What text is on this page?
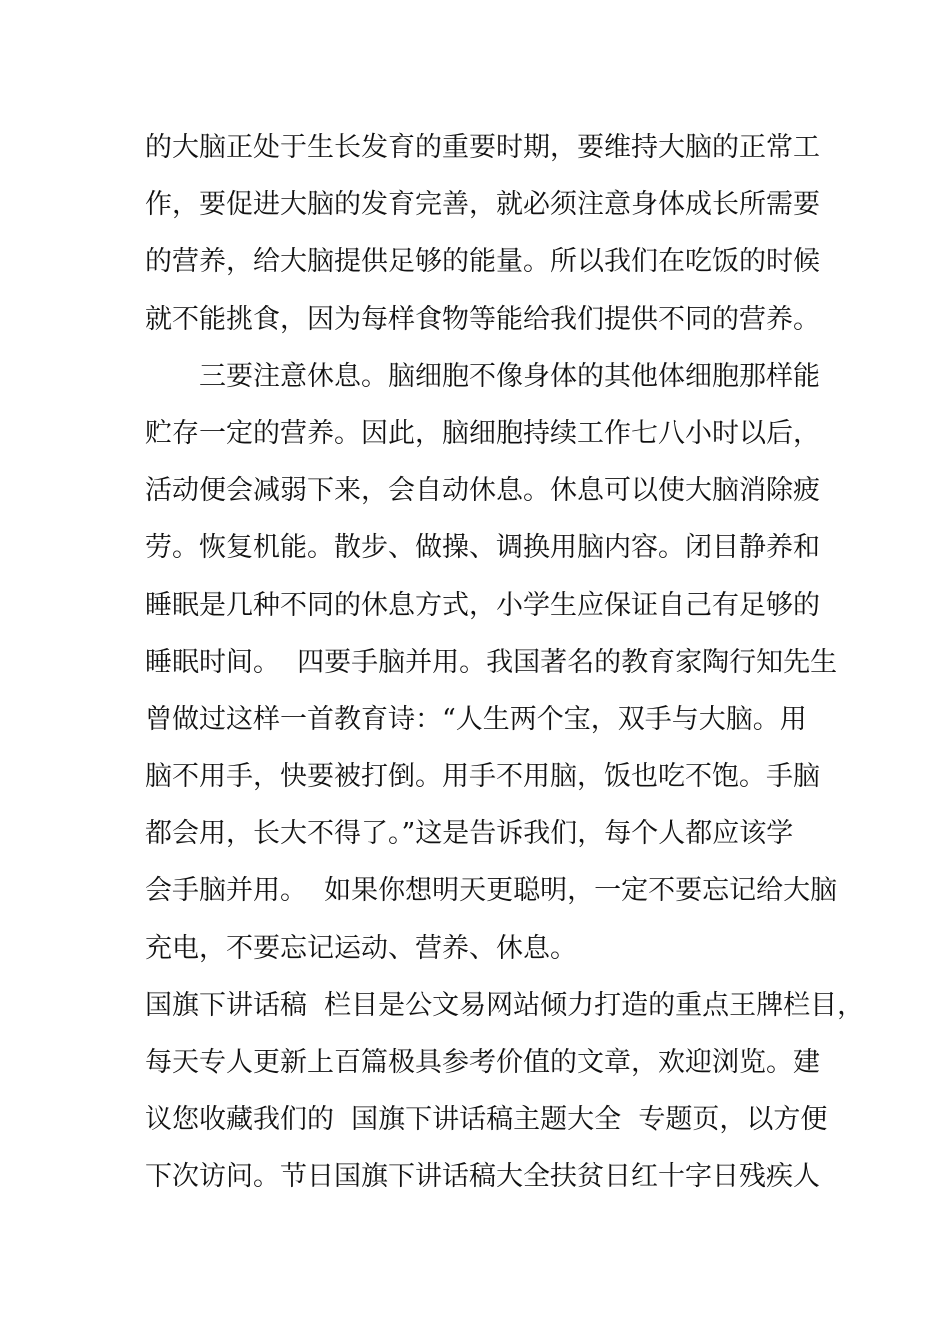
的大脑正处于生长发育的重要时期，要维持大脑的正常工
作，要促进大脑的发育完善，就必须注意身体成长所需要
的营养，给大脑提供足够的能量。所以我们在吃饭的时候
就不能挑食，因为每样食物等能给我们提供不同的营养。
　　三要注意休息。脑细胞不像身体的其他体细胞那样能
贮存一定的营养。因此，脑细胞持续工作七八小时以后，
活动便会减弱下来，会自动休息。休息可以使大脑消除疲
劳。恢复机能。散步、做操、调换用脑内容。闭目静养和
睡眠是几种不同的休息方式，小学生应保证自己有足够的
睡眠时间。  四要手脑并用。我国著名的教育家陶行知先生
曾做过这样一首教育诗：“人生两个宝，双手与大脑。用
脑不用手，快要被打倒。用手不用脑，饭也吃不饱。手脑
都会用，长大不得了。”这是告诉我们，每个人都应该学
会手脑并用。  如果你想明天更聪明，一定不要忘记给大脑
充电，不要忘记运动、营养、休息。
国旗下讲话稿  栏目是公文易网站倾力打造的重点王牌栏目，
每天专人更新上百篇极具参考价值的文章，欢迎浏览。建
议您收藏我们的  国旗下讲话稿主题大全  专题页，以方便
下次访问。节日国旗下讲话稿大全扶贫日红十字日残疾人
